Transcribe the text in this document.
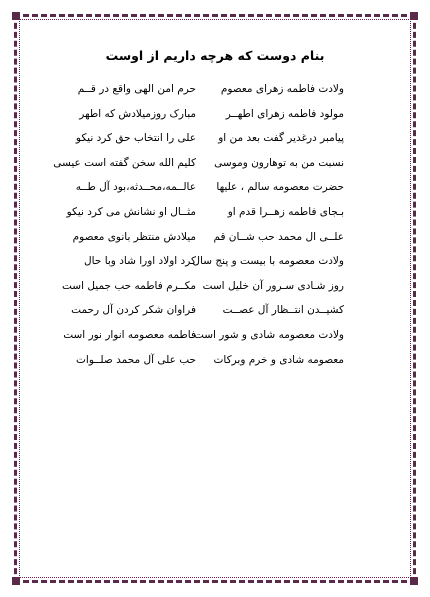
بنام دوست که هرچه داریم از اوست
ولادت فاطمه زهرای معصوم
حرم امن الهی واقع در قــم
مولود فاطمه زهرای اطهــر
مبارک روزمیلادش که اطهر
پیامبر درغدیر گفت بعد من او
علی را انتخاب حق کرد نیکو
نسبت من به توهارون وموسی
کلیم الله سخن گفته است عیسی
حضرت معصومه سالم ، علیها
عالــمه،محــدثه،بود آل طــه
بـجای فاطمه زهــرا قدم او
مثــال او نشانش می کرد نیکو
علــی ال محمد حب شــان قم
میلادش منتظر بانوی معصوم
ولادت معصومه با بیست و پنج سال
کرد اولاد اورا شاد وبا حال
روز شـادی سـرور آن خلیل است
مکــرم فاطمه حب جمیل است
کشیــدن انتــظار آل عصــت
فراوان شکر کردن آل رحمت
ولادت معصومه شادی و شور است
فاطمه معصومه انوار نور است
معصومه شادی و خرم وبرکات
حب علی آل محمد صلــوات
